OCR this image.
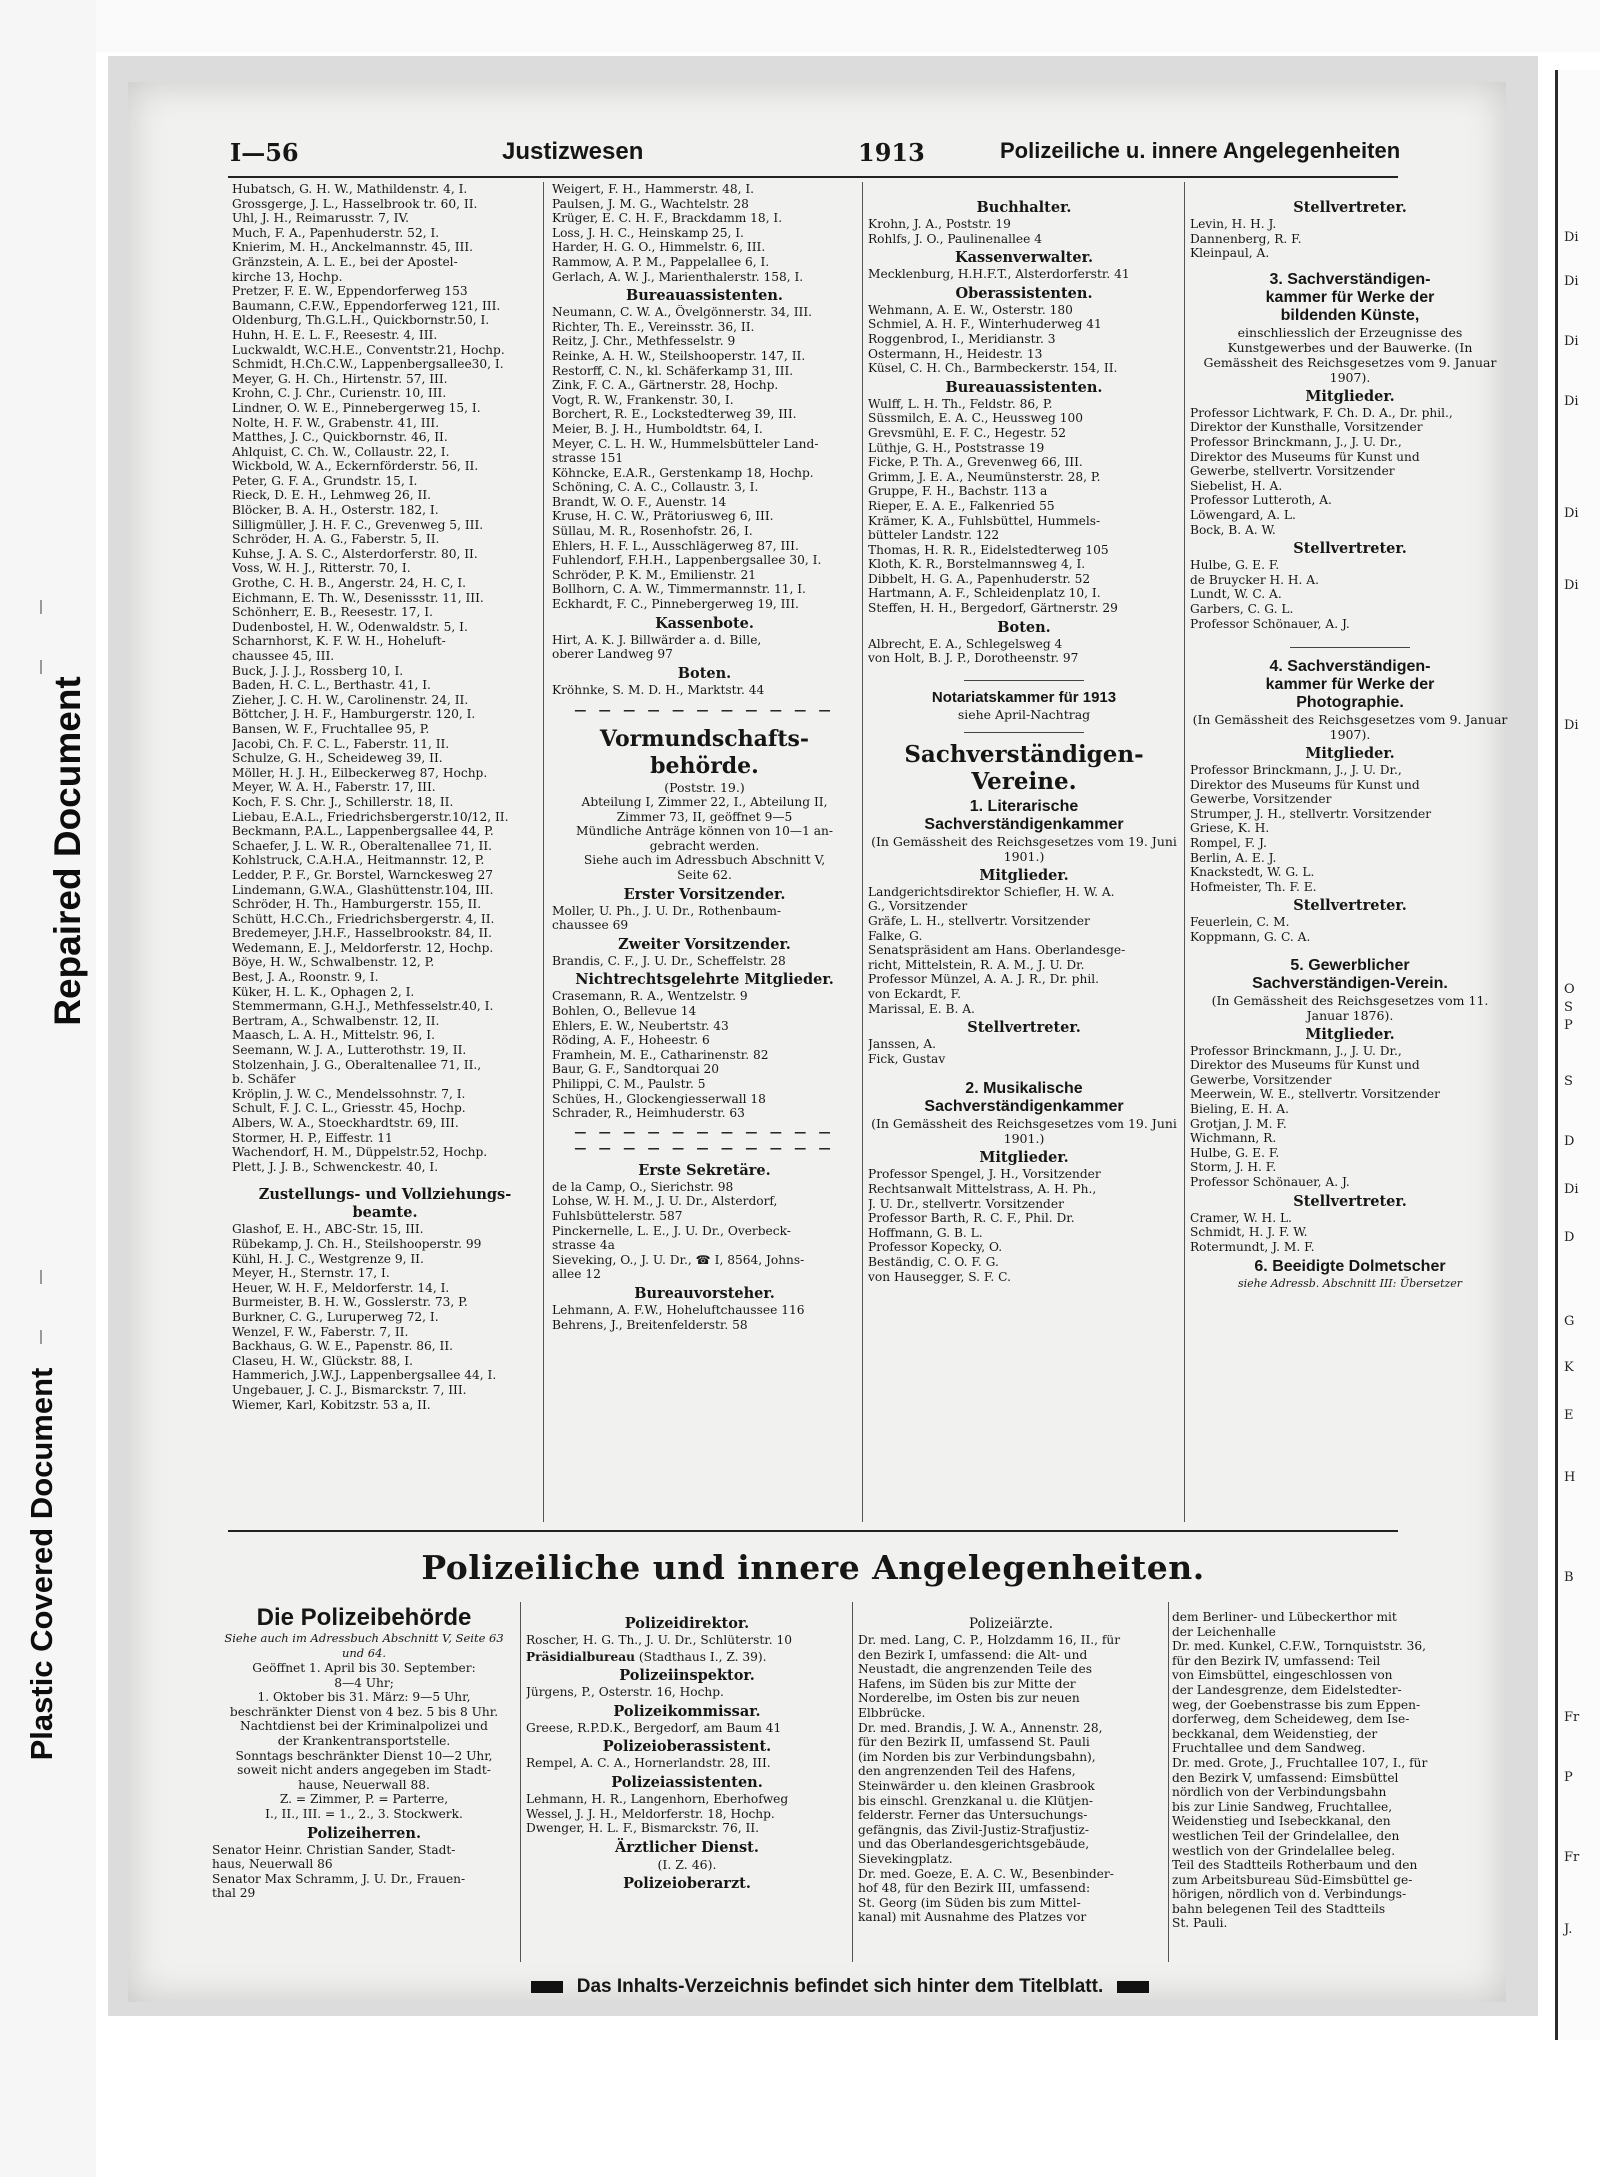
Repaired Document
Plastic Covered Document
Di
Di
Di
Di
Di
Di
Di
O
S
P
S
D
Di
D
G
K
E
H
B
Fr
P
Fr
J.
I—56	Justizwesen	1913	Polizeiliche u. innere Angelegenheiten
Hubatsch, G. H. W., Mathildenstr. 4, I.
Grossgerge, J. L., Hasselbrook tr. 60, II.
Uhl, J. H., Reimarusstr. 7, IV.
Much, F. A., Papenhuderstr. 52, I.
Knierim, M. H., Anckelmannstr. 45, III.
Gränzstein, A. L. E., bei der Apostel-
kirche 13, Hochp.
Pretzer, F. E. W., Eppendorferweg 153
Baumann, C.F.W., Eppendorferweg 121, III.
Oldenburg, Th.G.L.H., Quickbornstr.50, I.
Huhn, H. E. L. F., Reesestr. 4, III.
Luckwaldt, W.C.H.E., Conventstr.21, Hochp.
Schmidt, H.Ch.C.W., Lappenbergsallee30, I.
Meyer, G. H. Ch., Hirtenstr. 57, III.
Krohn, C. J. Chr., Curienstr. 10, III.
Lindner, O. W. E., Pinnebergerweg 15, I.
Nolte, H. F. W., Grabenstr. 41, III.
Matthes, J. C., Quickbornstr. 46, II.
Ahlquist, C. Ch. W., Collaustr. 22, I.
Wickbold, W. A., Eckernförderstr. 56, II.
Peter, G. F. A., Grundstr. 15, I.
Rieck, D. E. H., Lehmweg 26, II.
Blöcker, B. A. H., Osterstr. 182, I.
Silligmüller, J. H. F. C., Grevenweg 5, III.
Schröder, H. A. G., Faberstr. 5, II.
Kuhse, J. A. S. C., Alsterdorferstr. 80, II.
Voss, W. H. J., Ritterstr. 70, I.
Grothe, C. H. B., Angerstr. 24, H. C, I.
Eichmann, E. Th. W., Desenissstr. 11, III.
Schönherr, E. B., Reesestr. 17, I.
Dudenbostel, H. W., Odenwaldstr. 5, I.
Scharnhorst, K. F. W. H., Hoheluft-
chaussee 45, III.
Buck, J. J. J., Rossberg 10, I.
Baden, H. C. L., Berthastr. 41, I.
Zieher, J. C. H. W., Carolinenstr. 24, II.
Böttcher, J. H. F., Hamburgerstr. 120, I.
Bansen, W. F., Fruchtallee 95, P.
Jacobi, Ch. F. C. L., Faberstr. 11, II.
Schulze, G. H., Scheideweg 39, II.
Möller, H. J. H., Eilbeckerweg 87, Hochp.
Meyer, W. A. H., Faberstr. 17, III.
Koch, F. S. Chr. J., Schillerstr. 18, II.
Liebau, E.A.L., Friedrichsbergerstr.10/12, II.
Beckmann, P.A.L., Lappenbergsallee 44, P.
Schaefer, J. L. W. R., Oberaltenallee 71, II.
Kohlstruck, C.A.H.A., Heitmannstr. 12, P.
Ledder, P. F., Gr. Borstel, Warnckesweg 27
Lindemann, G.W.A., Glashüttenstr.104, III.
Schröder, H. Th., Hamburgerstr. 155, II.
Schütt, H.C.Ch., Friedrichsbergerstr. 4, II.
Bredemeyer, J.H.F., Hasselbrookstr. 84, II.
Wedemann, E. J., Meldorferstr. 12, Hochp.
Böye, H. W., Schwalbenstr. 12, P.
Best, J. A., Roonstr. 9, I.
Küker, H. L. K., Ophagen 2, I.
Stemmermann, G.H.J., Methfesselstr.40, I.
Bertram, A., Schwalbenstr. 12, II.
Maasch, L. A. H., Mittelstr. 96, I.
Seemann, W. J. A., Lutterothstr. 19, II.
Stolzenhain, J. G., Oberaltenallee 71, II.,
b. Schäfer
Kröplin, J. W. C., Mendelssohnstr. 7, I.
Schult, F. J. C. L., Griesstr. 45, Hochp.
Albers, W. A., Stoeckhardtstr. 69, III.
Stormer, H. P., Eiffestr. 11
Wachendorf, H. M., Düppelstr.52, Hochp.
Plett, J. J. B., Schwenckestr. 40, I.
Zustellungs- und Vollziehungs-
beamte.
Glashof, E. H., ABC-Str. 15, III.
Rübekamp, J. Ch. H., Steilshooperstr. 99
Kühl, H. J. C., Westgrenze 9, II.
Meyer, H., Sternstr. 17, I.
Heuer, W. H. F., Meldorferstr. 14, I.
Burmeister, B. H. W., Gosslerstr. 73, P.
Burkner, C. G., Luruperweg 72, I.
Wenzel, F. W., Faberstr. 7, II.
Backhaus, G. W. E., Papenstr. 86, II.
Claseu, H. W., Glückstr. 88, I.
Hammerich, J.W.J., Lappenbergsallee 44, I.
Ungebauer, J. C. J., Bismarckstr. 7, III.
Wiemer, Karl, Kobitzstr. 53 a, II.
Weigert, F. H., Hammerstr. 48, I.
Paulsen, J. M. G., Wachtelstr. 28
Krüger, E. C. H. F., Brackdamm 18, I.
Loss, J. H. C., Heinskamp 25, I.
Harder, H. G. O., Himmelstr. 6, III.
Rammow, A. P. M., Pappelallee 6, I.
Gerlach, A. W. J., Marienthalerstr. 158, I.
Bureauassistenten.
Neumann, C. W. A., Övelgönnerstr. 34, III.
Richter, Th. E., Vereinsstr. 36, II.
Reitz, J. Chr., Methfesselstr. 9
Reinke, A. H. W., Steilshooperstr. 147, II.
Restorff, C. N., kl. Schäferkamp 31, III.
Zink, F. C. A., Gärtnerstr. 28, Hochp.
Vogt, R. W., Frankenstr. 30, I.
Borchert, R. E., Lockstedterweg 39, III.
Meier, B. J. H., Humboldtstr. 64, I.
Meyer, C. L. H. W., Hummelsbütteler Land-
strasse 151
Köhncke, E.A.R., Gerstenkamp 18, Hochp.
Schöning, C. A. C., Collaustr. 3, I.
Brandt, W. O. F., Auenstr. 14
Kruse, H. C. W., Prätoriusweg 6, III.
Süllau, M. R., Rosenhofstr. 26, I.
Ehlers, H. F. L., Ausschlägerweg 87, III.
Fuhlendorf, F.H.H., Lappenbergsallee 30, I.
Schröder, P. K. M., Emilienstr. 21
Bollhorn, C. A. W., Timmermannstr. 11, I.
Eckhardt, F. C., Pinnebergerweg 19, III.
Kassenbote.
Hirt, A. K. J. Billwärder a. d. Bille,
oberer Landweg 97
Boten.
Kröhnke, S. M. D. H., Marktstr. 44
— — — — — — — — — — —
Vormundschafts-
behörde.
(Poststr. 19.)
Abteilung I, Zimmer 22, I., Abteilung II,
Zimmer 73, II, geöffnet 9—5
Mündliche Anträge können von 10—1 an-
gebracht werden.
Siehe auch im Adressbuch Abschnitt V,
Seite 62.
Erster Vorsitzender.
Moller, U. Ph., J. U. Dr., Rothenbaum-
chaussee 69
Zweiter Vorsitzender.
Brandis, C. F., J. U. Dr., Scheffelstr. 28
Nichtrechtsgelehrte Mitglieder.
Crasemann, R. A., Wentzelstr. 9
Bohlen, O., Bellevue 14
Ehlers, E. W., Neubertstr. 43
Röding, A. F., Hoheestr. 6
Framhein, M. E., Catharinenstr. 82
Baur, G. F., Sandtorquai 20
Philippi, C. M., Paulstr. 5
Schües, H., Glockengiesserwall 18
Schrader, R., Heimhuderstr. 63
— — — — — — — — — — —
— — — — — — — — — — —
Erste Sekretäre.
de la Camp, O., Sierichstr. 98
Lohse, W. H. M., J. U. Dr., Alsterdorf,
Fuhlsbüttelerstr. 587
Pinckernelle, L. E., J. U. Dr., Overbeck-
strasse 4a
Sieveking, O., J. U. Dr., ☎ I, 8564, Johns-
allee 12
Bureauvorsteher.
Lehmann, A. F.W., Hoheluftchaussee 116
Behrens, J., Breitenfelderstr. 58
Buchhalter.
Krohn, J. A., Poststr. 19
Rohlfs, J. O., Paulinenallee 4
Kassenverwalter.
Mecklenburg, H.H.F.T., Alsterdorferstr. 41
Oberassistenten.
Wehmann, A. E. W., Osterstr. 180
Schmiel, A. H. F., Winterhuderweg 41
Roggenbrod, I., Meridianstr. 3
Ostermann, H., Heidestr. 13
Küsel, C. H. Ch., Barmbeckerstr. 154, II.
Bureauassistenten.
Wulff, L. H. Th., Feldstr. 86, P.
Süssmilch, E. A. C., Heussweg 100
Grevsmühl, E. F. C., Hegestr. 52
Lüthje, G. H., Poststrasse 19
Ficke, P. Th. A., Grevenweg 66, III.
Grimm, J. E. A., Neumünsterstr. 28, P.
Gruppe, F. H., Bachstr. 113 a
Rieper, E. A. E., Falkenried 55
Krämer, K. A., Fuhlsbüttel, Hummels-
bütteler Landstr. 122
Thomas, H. R. R., Eidelstedterweg 105
Kloth, K. R., Borstelmannsweg 4, I.
Dibbelt, H. G. A., Papenhuderstr. 52
Hartmann, A. F., Schleidenplatz 10, I.
Steffen, H. H., Bergedorf, Gärtnerstr. 29
Boten.
Albrecht, E. A., Schlegelsweg 4
von Holt, B. J. P., Dorotheenstr. 97
Notariatskammer für 1913
siehe April-Nachtrag
Sachverständigen-
Vereine.
1. Literarische
Sachverständigenkammer
(In Gemässheit des Reichsgesetzes vom 19. Juni 1901.)
Mitglieder.
Landgerichtsdirektor Schiefler, H. W. A.
G., Vorsitzender
Gräfe, L. H., stellvertr. Vorsitzender
Falke, G.
Senatspräsident am Hans. Oberlandesge-
richt, Mittelstein, R. A. M., J. U. Dr.
Professor Münzel, A. A. J. R., Dr. phil.
von Eckardt, F.
Marissal, E. B. A.
Stellvertreter.
Janssen, A.
Fick, Gustav
2. Musikalische
Sachverständigenkammer
(In Gemässheit des Reichsgesetzes vom 19. Juni 1901.)
Mitglieder.
Professor Spengel, J. H., Vorsitzender
Rechtsanwalt Mittelstrass, A. H. Ph.,
J. U. Dr., stellvertr. Vorsitzender
Professor Barth, R. C. F., Phil. Dr.
Hoffmann, G. B. L.
Professor Kopecky, O.
Beständig, C. O. F. G.
von Hausegger, S. F. C.
Stellvertreter.
Levin, H. H. J.
Dannenberg, R. F.
Kleinpaul, A.
3. Sachverständigen-
kammer für Werke der
bildenden Künste,
einschliesslich der Erzeugnisse des Kunstgewerbes und der Bauwerke. (In Gemässheit des Reichsgesetzes vom 9. Januar 1907).
Mitglieder.
Professor Lichtwark, F. Ch. D. A., Dr. phil.,
Direktor der Kunsthalle, Vorsitzender
Professor Brinckmann, J., J. U. Dr.,
Direktor des Museums für Kunst und
Gewerbe, stellvertr. Vorsitzender
Siebelist, H. A.
Professor Lutteroth, A.
Löwengard, A. L.
Bock, B. A. W.
Stellvertreter.
Hulbe, G. E. F.
de Bruycker H. H. A.
Lundt, W. C. A.
Garbers, C. G. L.
Professor Schönauer, A. J.
4. Sachverständigen-
kammer für Werke der
Photographie.
(In Gemässheit des Reichsgesetzes vom 9. Januar 1907).
Mitglieder.
Professor Brinckmann, J., J. U. Dr.,
Direktor des Museums für Kunst und
Gewerbe, Vorsitzender
Strumper, J. H., stellvertr. Vorsitzender
Griese, K. H.
Rompel, F. J.
Berlin, A. E. J.
Knackstedt, W. G. L.
Hofmeister, Th. F. E.
Stellvertreter.
Feuerlein, C. M.
Koppmann, G. C. A.
5. Gewerblicher
Sachverständigen-Verein.
(In Gemässheit des Reichsgesetzes vom 11. Januar 1876).
Mitglieder.
Professor Brinckmann, J., J. U. Dr.,
Direktor des Museums für Kunst und
Gewerbe, Vorsitzender
Meerwein, W. E., stellvertr. Vorsitzender
Bieling, E. H. A.
Grotjan, J. M. F.
Wichmann, R.
Hulbe, G. E. F.
Storm, J. H. F.
Professor Schönauer, A. J.
Stellvertreter.
Cramer, W. H. L.
Schmidt, H. J. F. W.
Rotermundt, J. M. F.
6. Beeidigte Dolmetscher
siehe Adressb. Abschnitt III: Übersetzer
Polizeiliche und innere Angelegenheiten.
Die Polizeibehörde
Siehe auch im Adressbuch Abschnitt V, Seite 63 und 64.
Geöffnet 1. April bis 30. September:
8—4 Uhr;
1. Oktober bis 31. März: 9—5 Uhr,
beschränkter Dienst von 4 bez. 5 bis 8 Uhr.
Nachtdienst bei der Kriminalpolizei und
der Krankentransportstelle.
Sonntags beschränkter Dienst 10—2 Uhr,
soweit nicht anders angegeben im Stadt-
hause, Neuerwall 88.
Z. = Zimmer, P. = Parterre,
I., II., III. = 1., 2., 3. Stockwerk.
Polizeiherren.
Senator Heinr. Christian Sander, Stadt-
haus, Neuerwall 86
Senator Max Schramm, J. U. Dr., Frauen-
thal 29
Polizeidirektor.
Roscher, H. G. Th., J. U. Dr., Schlüterstr. 10
Präsidialbureau (Stadthaus I., Z. 39).
Polizeiinspektor.
Jürgens, P., Osterstr. 16, Hochp.
Polizeikommissar.
Greese, R.P.D.K., Bergedorf, am Baum 41
Polizeioberassistent.
Rempel, A. C. A., Hornerlandstr. 28, III.
Polizeiassistenten.
Lehmann, H. R., Langenhorn, Eberhofweg
Wessel, J. J. H., Meldorferstr. 18, Hochp.
Dwenger, H. L. F., Bismarckstr. 76, II.
Ärztlicher Dienst.
(I. Z. 46).
Polizeioberarzt.
Polizeiärzte.
Dr. med. Lang, C. P., Holzdamm 16, II., für
den Bezirk I, umfassend: die Alt- und
Neustadt, die angrenzenden Teile des
Hafens, im Süden bis zur Mitte der
Norderelbe, im Osten bis zur neuen
Elbbrücke.
Dr. med. Brandis, J. W. A., Annenstr. 28,
für den Bezirk II, umfassend St. Pauli
(im Norden bis zur Verbindungsbahn),
den angrenzenden Teil des Hafens,
Steinwärder u. den kleinen Grasbrook
bis einschl. Grenzkanal u. die Klütjen-
felderstr. Ferner das Untersuchungs-
gefängnis, das Zivil-Justiz-Strafjustiz-
und das Oberlandesgerichtsgebäude,
Sievekingplatz.
Dr. med. Goeze, E. A. C. W., Besenbinder-
hof 48, für den Bezirk III, umfassend:
St. Georg (im Süden bis zum Mittel-
kanal) mit Ausnahme des Platzes vor
dem Berliner- und Lübeckerthor mit
der Leichenhalle
Dr. med. Kunkel, C.F.W., Tornquiststr. 36,
für den Bezirk IV, umfassend: Teil
von Eimsbüttel, eingeschlossen von
der Landesgrenze, dem Eidelstedter-
weg, der Goebenstrasse bis zum Eppen-
dorferweg, dem Scheideweg, dem Ise-
beckkanal, dem Weidenstieg, der
Fruchtallee und dem Sandweg.
Dr. med. Grote, J., Fruchtallee 107, I., für
den Bezirk V, umfassend: Eimsbüttel
nördlich von der Verbindungsbahn
bis zur Linie Sandweg, Fruchtallee,
Weidenstieg und Isebeckkanal, den
westlichen Teil der Grindelallee, den
westlich von der Grindelallee beleg.
Teil des Stadtteils Rotherbaum und den
zum Arbeitsbureau Süd-Eimsbüttel ge-
hörigen, nördlich von d. Verbindungs-
bahn belegenen Teil des Stadtteils
St. Pauli.
Das Inhalts-Verzeichnis befindet sich hinter dem Titelblatt.
